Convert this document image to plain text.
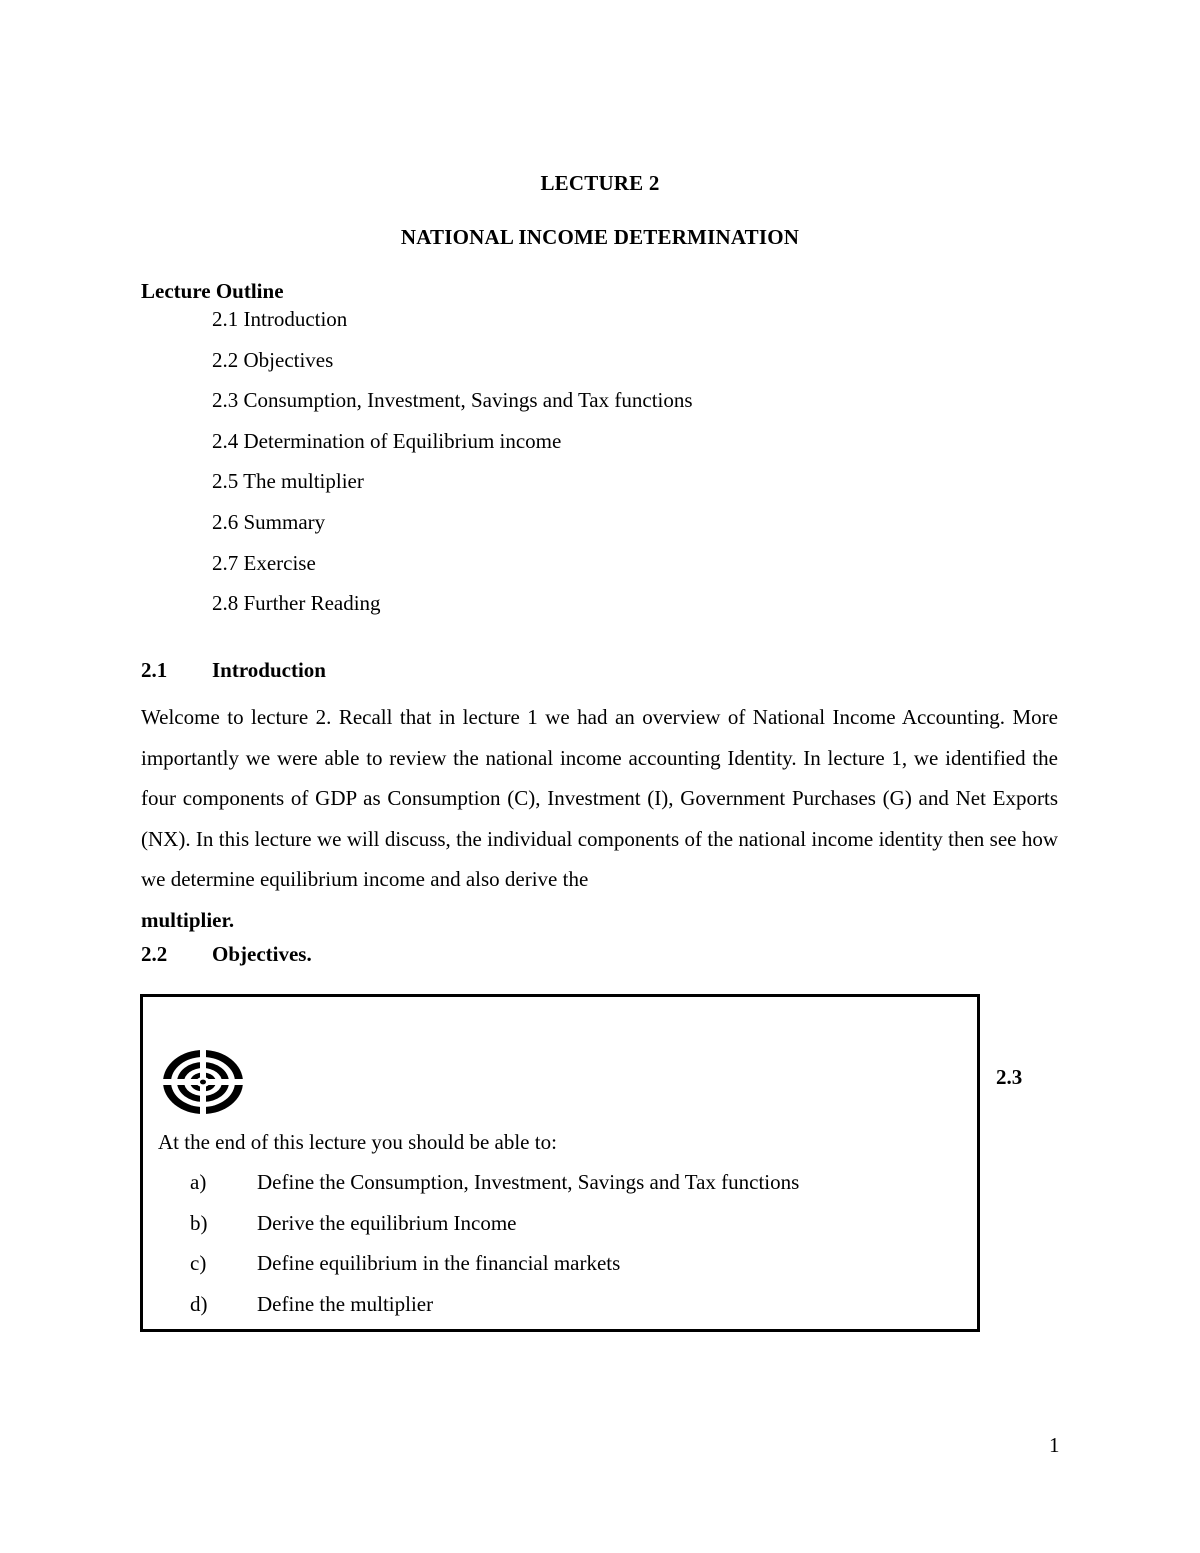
LECTURE 2
NATIONAL INCOME DETERMINATION
Lecture Outline
2.1 Introduction
2.2 Objectives
2.3 Consumption, Investment, Savings and Tax functions
2.4 Determination of Equilibrium income
2.5 The multiplier
2.6 Summary
2.7 Exercise
2.8 Further Reading
2.1 Introduction

Welcome to lecture 2. Recall that in lecture 1 we had an overview of National Income Accounting. More importantly we were able to review the national income accounting Identity. In lecture 1, we identified the four components of GDP as Consumption (C), Investment (I), Government Purchases (G) and Net Exports (NX). In this lecture we will discuss, the individual components of the national income identity then see how we determine equilibrium income and also derive the
multiplier.

2.2 Objectives.
At the end of this lecture you should be able to:
a) Define the Consumption, Investment, Savings and Tax functions
b) Derive the equilibrium Income
c) Define equilibrium in the financial markets
d) Define the multiplier
2.3
1
